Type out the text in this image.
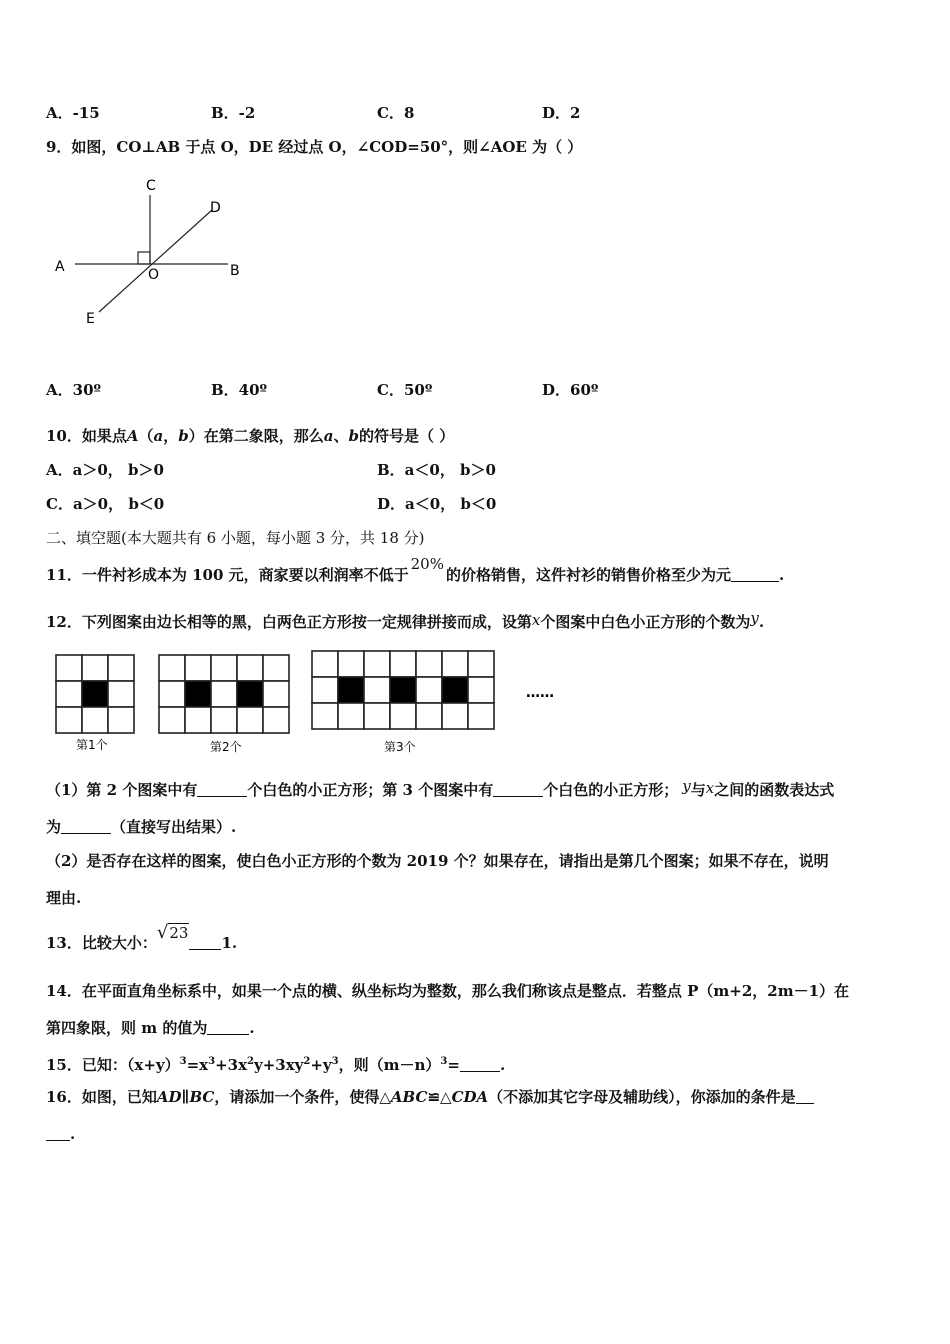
A．-15	B．-2	C．8	D．2
9．如图，CO⊥AB 于点 O，DE 经过点 O，∠COD=50°，则∠AOE 为（ ）
C
D
A	O	B
E
A．30º	B．40º	C．50º	D．60º
10．如果点A（a，b）在第二象限，那么a、b的符号是（ ）
A．a＞0， b＞0	B．a＜0， b＞0
C．a＞0， b＜0	D．a＜0， b＜0
二、填空题(本大题共有 6 小题，每小题 3 分，共 18 分)
11．一件衬衫成本为 100 元，商家要以利润率不低于20%的价格销售，这件衬衫的销售价格至少为元	.
12．下列图案由边长相等的黑，白两色正方形按一定规律拼接而成，设第x个图案中白色小正方形的个数为y.
……
第1个	第2个	第3个
（1）第 2 个图案中有	个白色的小正方形；第 3 个图案中有	个白色的小正方形； y与x之间的函数表达式
为	（直接写出结果）.
（2）是否存在这样的图案，使白色小正方形的个数为 2019 个？如果存在，请指出是第几个图案；如果不存在，说明
理由.
13．比较大小：√231.
14．在平面直角坐标系中，如果一个点的横、纵坐标均为整数，那么我们称该点是整点．若整点 P（m+2，2m－1）在
第四象限，则 m 的值为	.
15．已知：$(x+y)^3=x^3+3x^2y+3xy^2+y^3$，则$(m-n)^3=$	.
16．如图，已知AD∥BC，请添加一个条件，使得△ABC≌△CDA（不添加其它字母及辅助线），你添加的条件是
.
